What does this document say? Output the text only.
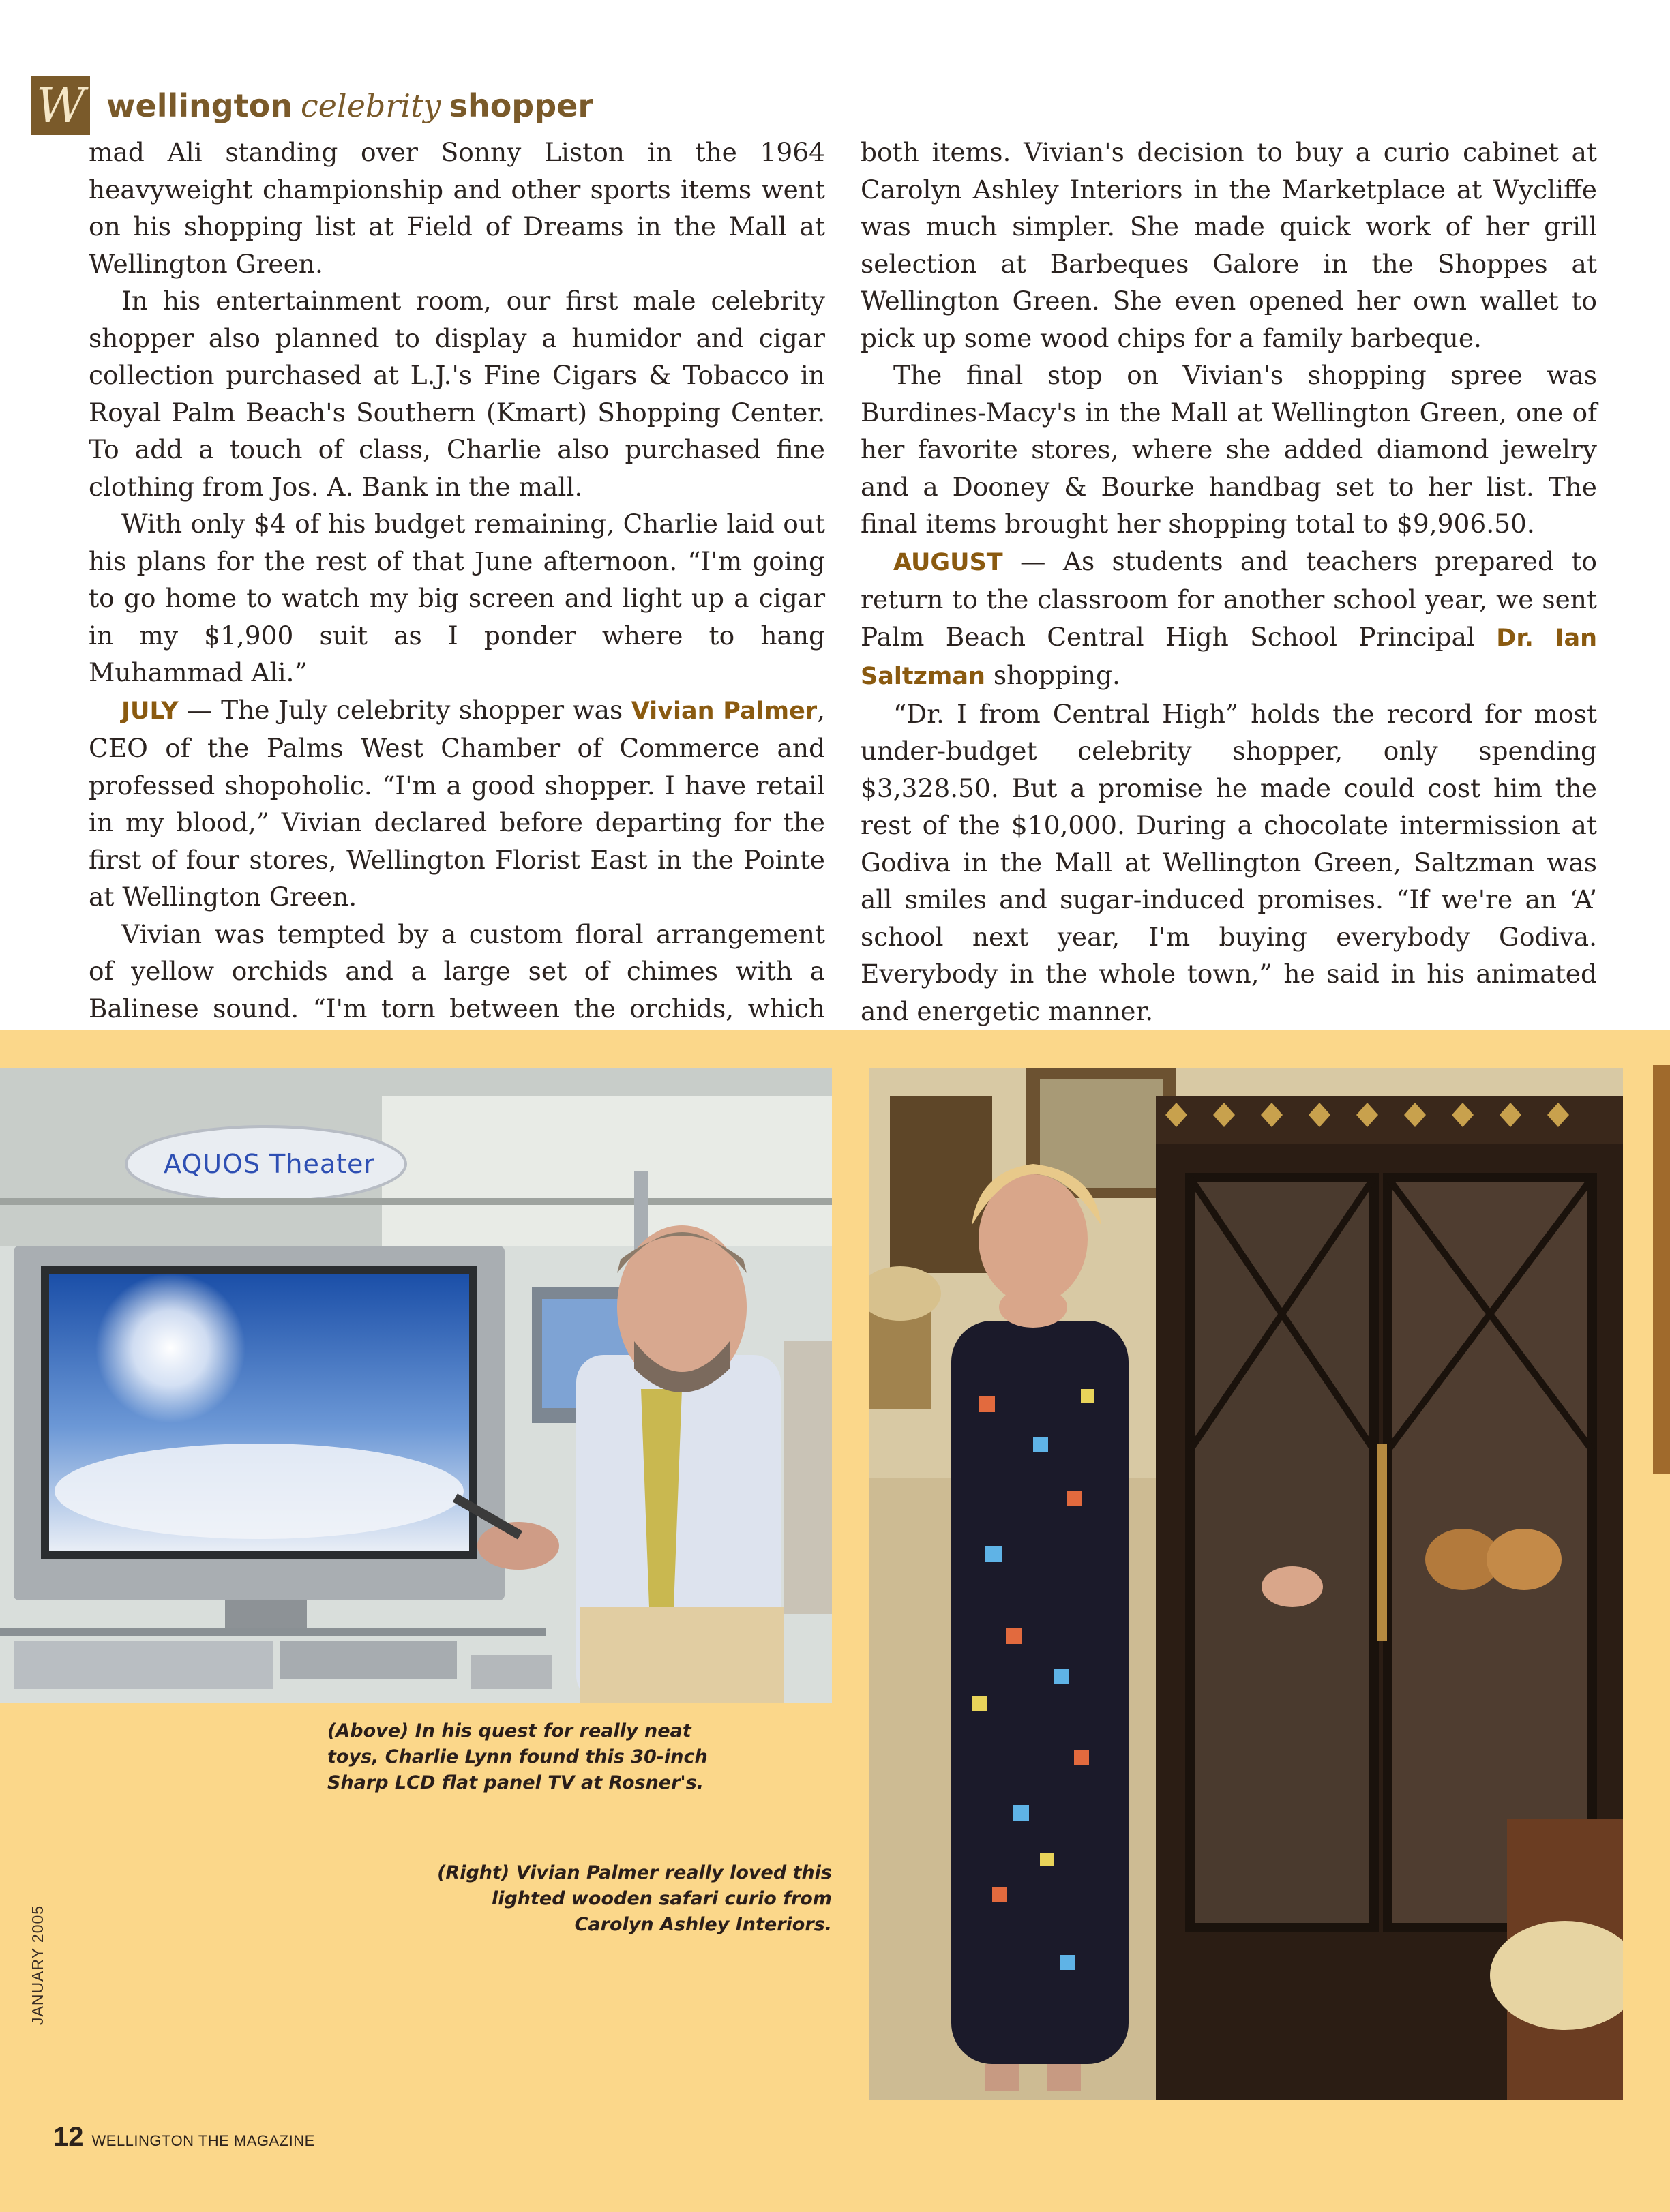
W wellington celebrity shopper

mad Ali standing over Sonny Liston in the 1964 heavyweight championship and other sports items went on his shopping list at Field of Dreams in the Mall at Wellington Green.

In his entertainment room, our first male celebrity shopper also planned to display a humidor and cigar collection purchased at L.J.'s Fine Cigars & Tobacco in Royal Palm Beach's Southern (Kmart) Shopping Center. To add a touch of class, Charlie also purchased fine clothing from Jos. A. Bank in the mall.

With only $4 of his budget remaining, Charlie laid out his plans for the rest of that June afternoon. “I'm going to go home to watch my big screen and light up a cigar in my $1,900 suit as I ponder where to hang Muhammad Ali.”

JULY — The July celebrity shopper was Vivian Palmer, CEO of the Palms West Chamber of Commerce and professed shopoholic. “I'm a good shopper. I have retail in my blood,” Vivian declared before departing for the first of four stores, Wellington Florist East in the Pointe at Wellington Green.

Vivian was tempted by a custom floral arrangement of yellow orchids and a large set of chimes with a Balinese sound. “I'm torn between the orchids, which

both items. Vivian's decision to buy a curio cabinet at Carolyn Ashley Interiors in the Marketplace at Wycliffe was much simpler. She made quick work of her grill selection at Barbeques Galore in the Shoppes at Wellington Green. She even opened her own wallet to pick up some wood chips for a family barbeque.

The final stop on Vivian's shopping spree was Burdines-Macy's in the Mall at Wellington Green, one of her favorite stores, where she added diamond jewelry and a Dooney & Bourke handbag set to her list. The final items brought her shopping total to $9,906.50.

AUGUST — As students and teachers prepared to return to the classroom for another school year, we sent Palm Beach Central High School Principal Dr. Ian Saltzman shopping.

“Dr. I from Central High” holds the record for most under-budget celebrity shopper, only spending $3,328.50. But a promise he made could cost him the rest of the $10,000. During a chocolate intermission at Godiva in the Mall at Wellington Green, Saltzman was all smiles and sugar-induced promises. “If we're an ‘A’ school next year, I'm buying everybody Godiva. Everybody in the whole town,” he said in his animated and energetic manner.

AQUOS Theater
(Above) In his quest for really neat toys, Charlie Lynn found this 30-inch Sharp LCD flat panel TV at Rosner's.
(Right) Vivian Palmer really loved this lighted wooden safari curio from Carolyn Ashley Interiors.
JANUARY 2005
12 WELLINGTON THE MAGAZINE
